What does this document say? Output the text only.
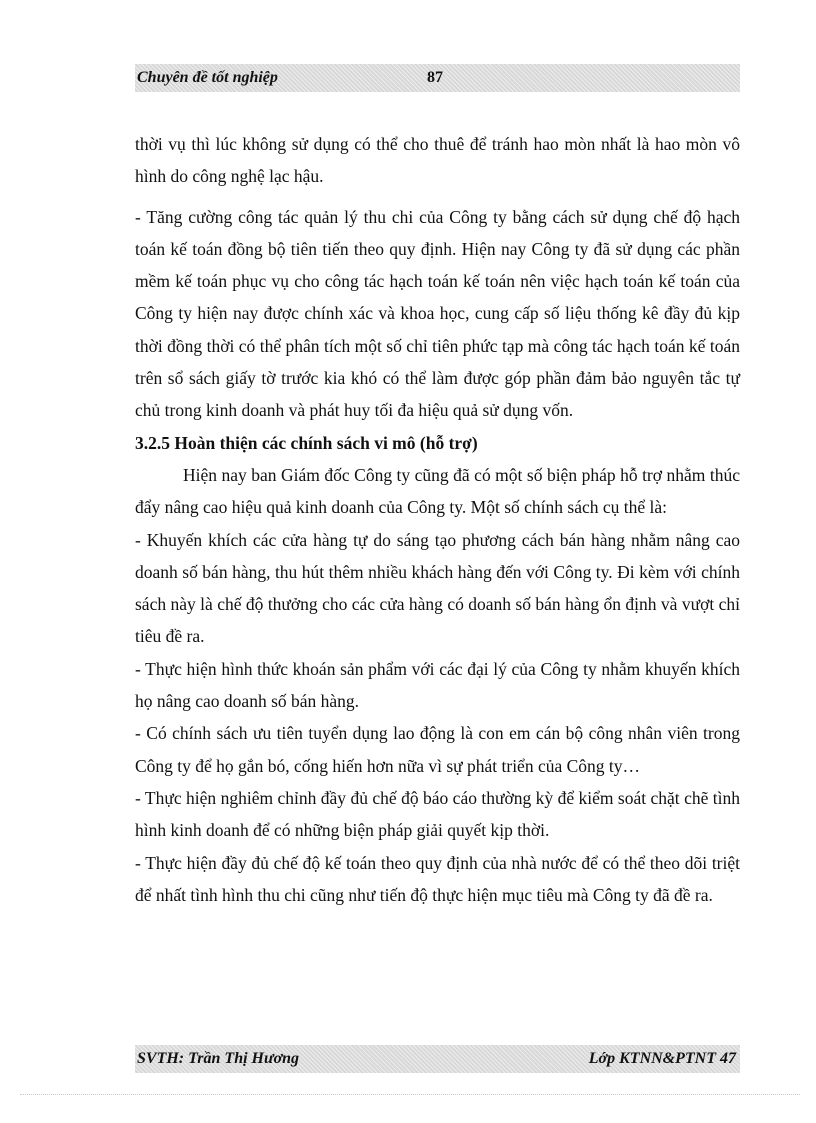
Chuyên đề tốt nghiệp	87

thời vụ thì lúc không sử dụng có thể cho thuê để tránh hao mòn nhất là hao mòn vô hình do công nghệ lạc hậu.

- Tăng cường công tác quản lý thu chi của Công ty bằng cách sử dụng chế độ hạch toán kế toán đồng bộ tiên tiến theo quy định. Hiện nay Công ty đã sử dụng các phần mềm kế toán phục vụ cho công tác hạch toán kế toán nên việc hạch toán kế toán của Công ty hiện nay được chính xác và khoa học, cung cấp số liệu thống kê đầy đủ kịp thời đồng thời có thể phân tích một số chỉ tiên phức tạp mà công tác hạch toán kế toán trên sổ sách giấy tờ trước kia khó có thể làm được góp phần đảm bảo nguyên tắc tự chủ trong kinh doanh và phát huy tối đa hiệu quả sử dụng vốn.

3.2.5 Hoàn thiện các chính sách vi mô (hỗ trợ)

Hiện nay ban Giám đốc Công ty cũng đã có một số biện pháp hỗ trợ nhằm thúc đẩy nâng cao hiệu quả kinh doanh của Công ty. Một số chính sách cụ thể là:

- Khuyến khích các cửa hàng tự do sáng tạo phương cách bán hàng nhằm nâng cao doanh số bán hàng, thu hút thêm nhiều khách hàng đến với Công ty. Đi kèm với chính sách này là chế độ thưởng cho các cửa hàng có doanh số bán hàng ổn định và vượt chỉ tiêu đề ra.

- Thực hiện hình thức khoán sản phẩm với các đại lý của Công ty nhằm khuyến khích họ nâng cao doanh số bán hàng.

- Có chính sách ưu tiên tuyển dụng lao động là con em cán bộ công nhân viên trong Công ty để họ gắn bó, cống hiến hơn nữa vì sự phát triển của Công ty…

- Thực hiện nghiêm chỉnh đầy đủ chế độ báo cáo thường kỳ để kiểm soát chặt chẽ tình hình kinh doanh để có những biện pháp giải quyết kịp thời.

- Thực hiện đầy đủ chế độ kế toán theo quy định của nhà nước để có thể theo dõi triệt để nhất tình hình thu chi cũng như tiến độ thực hiện mục tiêu mà Công ty đã đề ra.

SVTH: Trần Thị Hương	Lớp KTNN&PTNT 47
